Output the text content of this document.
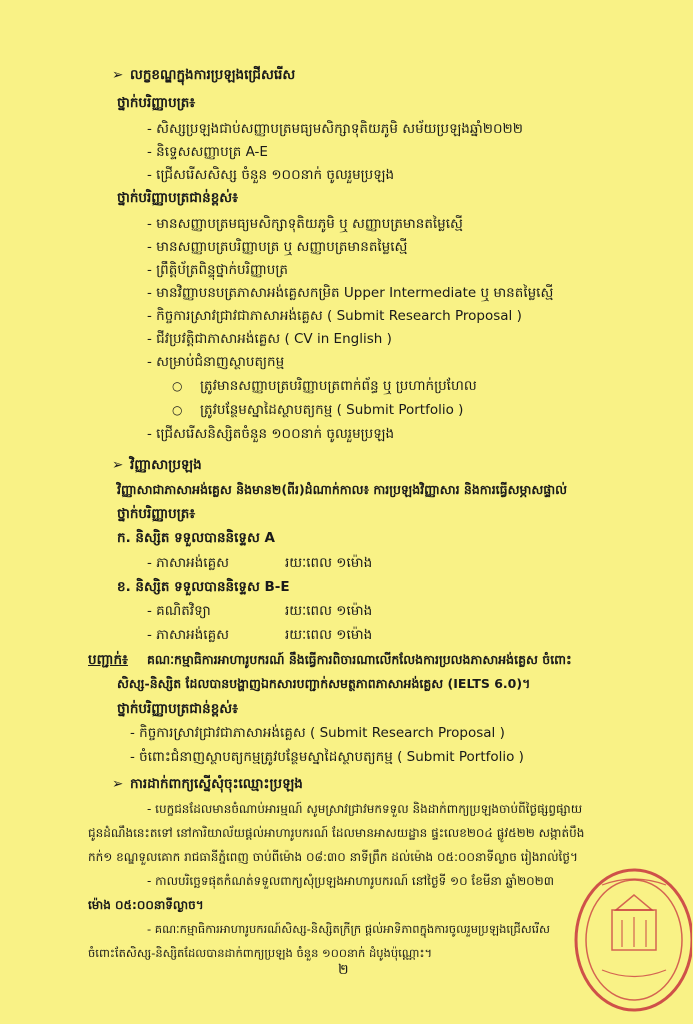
➢ លក្ខខណ្ឌក្នុងការប្រឡងជ្រើសរើស
ថ្នាក់បរិញ្ញាបត្រ៖
- សិស្សប្រឡងជាប់សញ្ញាបត្រមធ្យមសិក្សាទុតិយភូមិ សម័យប្រឡងឆ្នាំ២០២២
- និទ្ទេសសញ្ញាបត្រ A-E
- ជ្រើសរើសសិស្ស ចំនួន ១០០នាក់ ចូលរួមប្រឡង
ថ្នាក់បរិញ្ញាបត្រជាន់ខ្ពស់៖
- មានសញ្ញាបត្រមធ្យមសិក្សាទុតិយភូមិ ឬ សញ្ញាបត្រមានតម្លៃស្មើ
- មានសញ្ញាបត្របរិញ្ញាបត្រ ឬ សញ្ញាបត្រមានតម្លៃស្មើ
- ព្រឹត្តិប័ត្រពិន្ទុថ្នាក់បរិញ្ញាបត្រ
- មានវិញ្ញាបនបត្រភាសាអង់គ្លេសកម្រិត Upper Intermediate ឬ មានតម្លៃស្មើ
- កិច្ចការស្រាវជ្រាវជាភាសាអង់គ្លេស ( Submit Research Proposal )
- ជីវប្រវត្តិជាភាសាអង់គ្លេស ( CV in English )
- សម្រាប់ជំនាញស្ថាបត្យកម្ម
○ ត្រូវមានសញ្ញាបត្របរិញ្ញាបត្រពាក់ព័ន្ធ ឬ ប្រហាក់ប្រហែល
○ ត្រូវបន្ថែមស្នាដៃស្ថាបត្យកម្ម ( Submit Portfolio )
- ជ្រើសរើសនិស្សិតចំនួន ១០០នាក់ ចូលរួមប្រឡង
➢ វិញ្ញាសាប្រឡង
វិញ្ញាសាជាភាសាអង់គ្លេស និងមាន២(ពីរ)ដំណាក់កាល៖ ការប្រឡងវិញ្ញាសារ និងការធ្វើសម្ភាសផ្ទាល់
ថ្នាក់បរិញ្ញាបត្រ៖
ក. និស្សិត ទទួលបាននិទ្ទេស A
- ភាសាអង់គ្លេស	រយៈពេល ១ម៉ោង
ខ. និស្សិត ទទួលបាននិទ្ទេស B-E
- គណិតវិទ្យា	រយៈពេល ១ម៉ោង
- ភាសាអង់គ្លេស	រយៈពេល ១ម៉ោង
បញ្ជាក់៖ គណៈកម្មាធិការអាហារូបករណ៍ នឹងធ្វើការពិចារណាលើកលែងការប្រលងភាសាអង់គ្លេស ចំពោះ
សិស្ស-និស្សិត ដែលបានបង្ហាញឯកសារបញ្ជាក់សមត្ថភាពភាសាអង់គ្លេស (IELTS 6.0)។
ថ្នាក់បរិញ្ញាបត្រជាន់ខ្ពស់៖
- កិច្ចការស្រាវជ្រាវជាភាសាអង់គ្លេស ( Submit Research Proposal )
- ចំពោះជំនាញស្ថាបត្យកម្មត្រូវបន្ថែមស្នាដៃស្ថាបត្យកម្ម ( Submit Portfolio )
➢ ការដាក់ពាក្យស្នើសុំចុះឈ្មោះប្រឡង
- បេក្ខជនដែលមានចំណាប់អារម្មណ៍ សូមស្រាវជ្រាវមកទទួល និងដាក់ពាក្យប្រឡងចាប់ពីថ្ងៃផ្សព្វផ្សាយ
ជូនដំណឹងនេះតទៅ នៅការិយាល័យផ្ដល់អាហារូបករណ៍ ដែលមានអាសយដ្ឋាន ផ្ទះលេខ២០៤ ផ្លូវ៥២២ សង្កាត់បឹង
កក់១ ខណ្ឌទួលគោក រាជធានីភ្នំពេញ ចាប់ពីម៉ោង ០៨:៣០ នាទីព្រឹក ដល់ម៉ោង ០៥:០០នាទីល្ងាច រៀងរាល់ថ្ងៃ។
- កាលបរិច្ឆេទផុតកំណត់ទទួលពាក្យសុំប្រឡងអាហារូបករណ៍ នៅថ្ងៃទី ១០ ខែមីនា ឆ្នាំ២០២៣
ម៉ោង ០៥:០០នាទីល្ងាច។
- គណៈកម្មាធិការអាហារូបករណ៍សិស្ស-និស្សិតក្រីក្រ ផ្ដល់អាទិភាពក្នុងការចូលរួមប្រឡងជ្រើសរើស
ចំពោះតែសិស្ស-និស្សិតដែលបានដាក់ពាក្យប្រឡង ចំនួន ១០០នាក់ ដំបូងប៉ុណ្ណោះ។
២
